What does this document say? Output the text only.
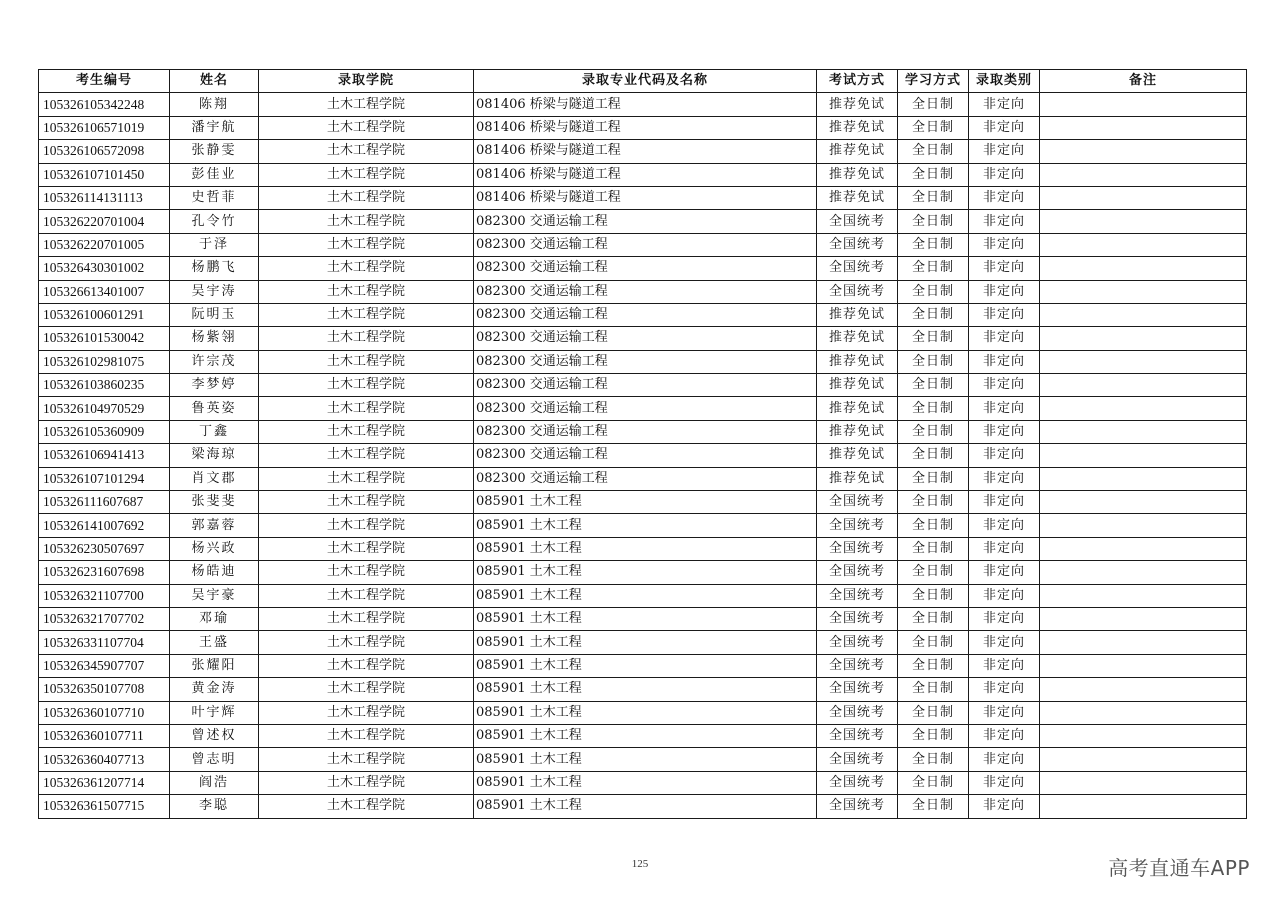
考生编号	姓名	录取学院	录取专业代码及名称	考试方式	学习方式	录取类别	备注
105326105342248	陈翔	土木工程学院	081406 桥梁与隧道工程	推荐免试	全日制	非定向	
105326106571019	潘宇航	土木工程学院	081406 桥梁与隧道工程	推荐免试	全日制	非定向	
105326106572098	张静雯	土木工程学院	081406 桥梁与隧道工程	推荐免试	全日制	非定向	
105326107101450	彭佳业	土木工程学院	081406 桥梁与隧道工程	推荐免试	全日制	非定向	
105326114131113	史哲菲	土木工程学院	081406 桥梁与隧道工程	推荐免试	全日制	非定向	
105326220701004	孔令竹	土木工程学院	082300 交通运输工程	全国统考	全日制	非定向	
105326220701005	于泽	土木工程学院	082300 交通运输工程	全国统考	全日制	非定向	
105326430301002	杨鹏飞	土木工程学院	082300 交通运输工程	全国统考	全日制	非定向	
105326613401007	吴宇涛	土木工程学院	082300 交通运输工程	全国统考	全日制	非定向	
105326100601291	阮明玉	土木工程学院	082300 交通运输工程	推荐免试	全日制	非定向	
105326101530042	杨紫翎	土木工程学院	082300 交通运输工程	推荐免试	全日制	非定向	
105326102981075	许宗茂	土木工程学院	082300 交通运输工程	推荐免试	全日制	非定向	
105326103860235	李梦婷	土木工程学院	082300 交通运输工程	推荐免试	全日制	非定向	
105326104970529	鲁英姿	土木工程学院	082300 交通运输工程	推荐免试	全日制	非定向	
105326105360909	丁鑫	土木工程学院	082300 交通运输工程	推荐免试	全日制	非定向	
105326106941413	梁海琼	土木工程学院	082300 交通运输工程	推荐免试	全日制	非定向	
105326107101294	肖文郡	土木工程学院	082300 交通运输工程	推荐免试	全日制	非定向	
105326111607687	张斐斐	土木工程学院	085901 土木工程	全国统考	全日制	非定向	
105326141007692	郭嘉蓉	土木工程学院	085901 土木工程	全国统考	全日制	非定向	
105326230507697	杨兴政	土木工程学院	085901 土木工程	全国统考	全日制	非定向	
105326231607698	杨皓迪	土木工程学院	085901 土木工程	全国统考	全日制	非定向	
105326321107700	吴宇豪	土木工程学院	085901 土木工程	全国统考	全日制	非定向	
105326321707702	邓瑜	土木工程学院	085901 土木工程	全国统考	全日制	非定向	
105326331107704	王盛	土木工程学院	085901 土木工程	全国统考	全日制	非定向	
105326345907707	张耀阳	土木工程学院	085901 土木工程	全国统考	全日制	非定向	
105326350107708	黄金涛	土木工程学院	085901 土木工程	全国统考	全日制	非定向	
105326360107710	叶宇辉	土木工程学院	085901 土木工程	全国统考	全日制	非定向	
105326360107711	曾述权	土木工程学院	085901 土木工程	全国统考	全日制	非定向	
105326360407713	曾志明	土木工程学院	085901 土木工程	全国统考	全日制	非定向	
105326361207714	阎浩	土木工程学院	085901 土木工程	全国统考	全日制	非定向	
105326361507715	李聪	土木工程学院	085901 土木工程	全国统考	全日制	非定向	
125	高考直通车APP
